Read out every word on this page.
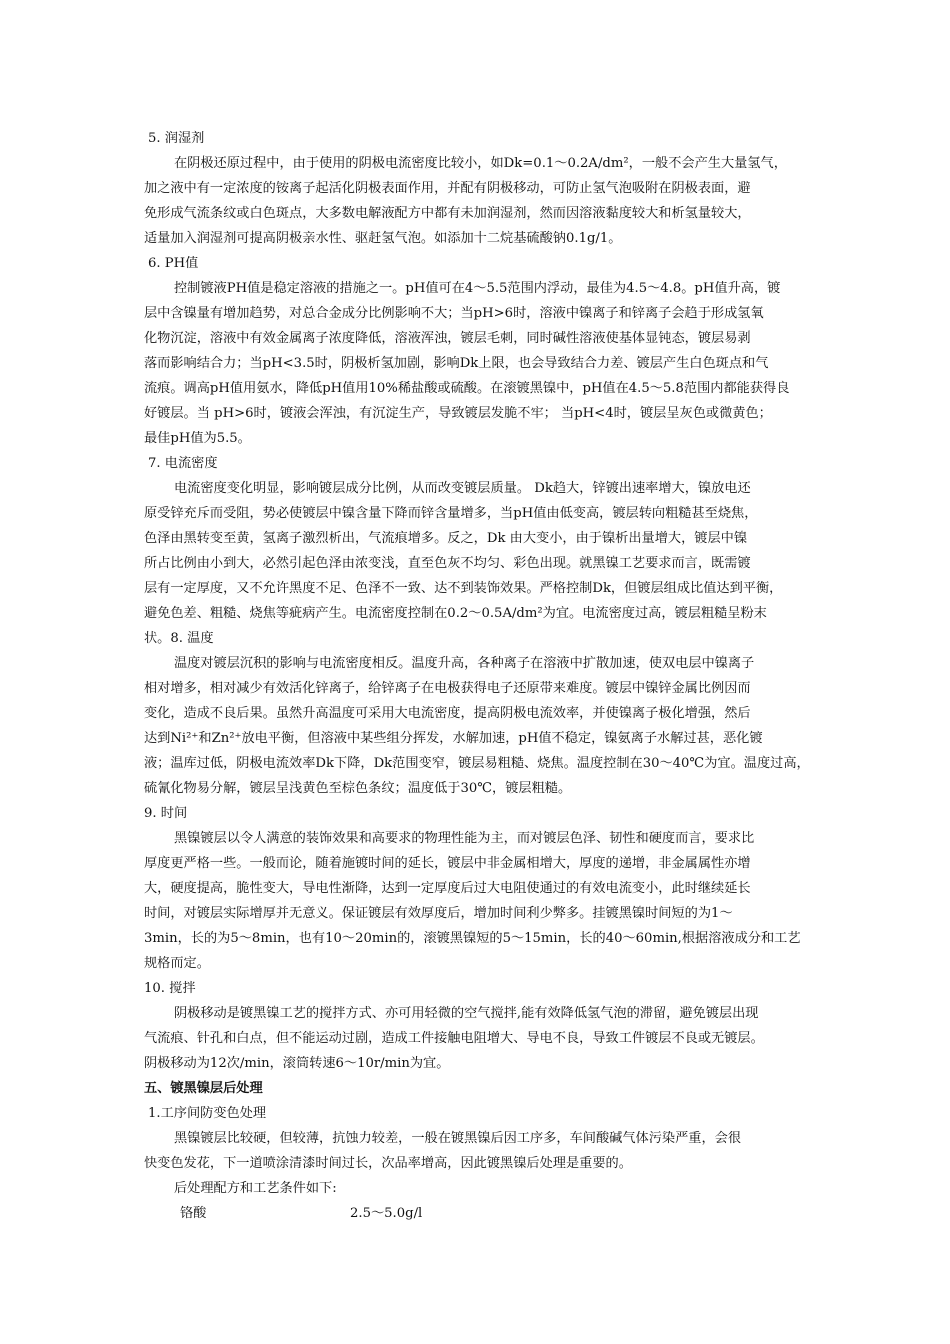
5. 润湿剂
在阴极还原过程中，由于使用的阴极电流密度比较小，如Dk=0.1～0.2A/dm²，一般不会产生大量氢气，
加之液中有一定浓度的铵离子起活化阴极表面作用，并配有阴极移动，可防止氢气泡吸附在阴极表面，避
免形成气流条纹或白色斑点，大多数电解液配方中都有未加润湿剂，然而因溶液黏度较大和析氢量较大，
适量加入润湿剂可提高阴极亲水性、驱赶氢气泡。如添加十二烷基硫酸钠0.1g/1。
6. PH值
控制镀液PH值是稳定溶液的措施之一。pH值可在4～5.5范围内浮动，最佳为4.5～4.8。pH值升高，镀
层中含镍量有增加趋势，对总合金成分比例影响不大；当pH>6时，溶液中镍离子和锌离子会趋于形成氢氧
化物沉淀，溶液中有效金属离子浓度降低，溶液浑浊，镀层毛刺，同时碱性溶液使基体显钝态，镀层易剥
落而影响结合力；当pH<3.5时，阴极析氢加剧，影响Dk上限，也会导致结合力差、镀层产生白色斑点和气
流痕。调高pH值用氨水，降低pH值用10%稀盐酸或硫酸。在滚镀黑镍中，pH值在4.5～5.8范围内都能获得良
好镀层。当 pH>6时，镀液会浑浊，有沉淀生产，导致镀层发脆不牢； 当pH<4时，镀层呈灰色或微黄色；
最佳pH值为5.5。
7. 电流密度
电流密度变化明显，影响镀层成分比例，从而改变镀层质量。 Dk趋大，锌镀出速率增大，镍放电还
原受锌充斥而受阻，势必使镀层中镍含量下降而锌含量增多，当pH值由低变高，镀层转向粗糙甚至烧焦，
色泽由黑转变至黄，氢离子激烈析出，气流痕增多。反之，Dk 由大变小，由于镍析出量增大，镀层中镍
所占比例由小到大，必然引起色泽由浓变浅，直至色灰不均匀、彩色出现。就黑镍工艺要求而言，既需镀
层有一定厚度，又不允许黑度不足、色泽不一致、达不到装饰效果。严格控制Dk，但镀层组成比值达到平衡，
避免色差、粗糙、烧焦等疵病产生。电流密度控制在0.2～0.5A/dm²为宜。电流密度过高，镀层粗糙呈粉末
状。8. 温度
温度对镀层沉积的影响与电流密度相反。温度升高，各种离子在溶液中扩散加速，使双电层中镍离子
相对增多，相对减少有效活化锌离子，给锌离子在电极获得电子还原带来难度。镀层中镍锌金属比例因而
变化，造成不良后果。虽然升高温度可采用大电流密度，提高阴极电流效率，并使镍离子极化增强，然后
达到Ni²⁺和Zn²⁺放电平衡，但溶液中某些组分挥发，水解加速，pH值不稳定，镍氨离子水解过甚，恶化镀
液；温库过低，阴极电流效率Dk下降，Dk范围变窄，镀层易粗糙、烧焦。温度控制在30～40℃为宜。温度过高，
硫氰化物易分解，镀层呈浅黄色至棕色条纹；温度低于30℃，镀层粗糙。
9. 时间
黑镍镀层以令人满意的装饰效果和高要求的物理性能为主，而对镀层色泽、韧性和硬度而言，要求比
厚度更严格一些。一般而论，随着施镀时间的延长，镀层中非金属相增大，厚度的递增，非金属属性亦增
大，硬度提高，脆性变大，导电性渐降，达到一定厚度后过大电阻使通过的有效电流变小，此时继续延长
时间，对镀层实际增厚并无意义。保证镀层有效厚度后，增加时间利少弊多。挂镀黑镍时间短的为1～
3min，长的为5～8min，也有10～20min的，滚镀黑镍短的5～15min，长的40～60min,根据溶液成分和工艺
规格而定。
10. 搅拌
阴极移动是镀黑镍工艺的搅拌方式、亦可用轻微的空气搅拌,能有效降低氢气泡的滞留，避免镀层出现
气流痕、针孔和白点，但不能运动过剧，造成工件接触电阻增大、导电不良，导致工件镀层不良或无镀层。
阴极移动为12次/min，滚筒转速6～10r/min为宜。
五、镀黑镍层后处理
1.工序间防变色处理
黑镍镀层比较硬，但较薄，抗蚀力较差，一般在镀黑镍后因工序多，车间酸碱气体污染严重，会很
快变色发花，下一道喷涂清漆时间过长，次品率增高，因此镀黑镍后处理是重要的。
后处理配方和工艺条件如下:
铬酸	2.5～5.0g/l
